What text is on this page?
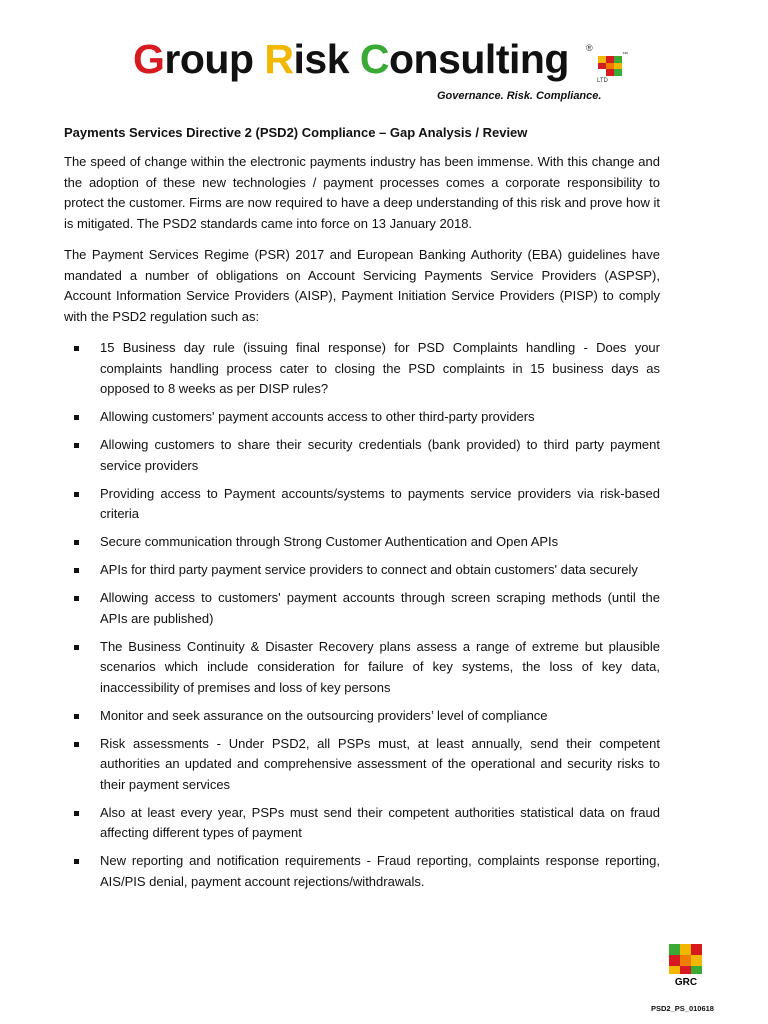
Group Risk Consulting ®
™
LTD
Governance. Risk. Compliance.
Payments Services Directive 2 (PSD2) Compliance – Gap Analysis / Review

The speed of change within the electronic payments industry has been immense. With this change and the adoption of these new technologies / payment processes comes a corporate responsibility to protect the customer. Firms are now required to have a deep understanding of this risk and prove how it is mitigated. The PSD2 standards came into force on 13 January 2018.

The Payment Services Regime (PSR) 2017 and European Banking Authority (EBA) guidelines have mandated a number of obligations on Account Servicing Payments Service Providers (ASPSP), Account Information Service Providers (AISP), Payment Initiation Service Providers (PISP) to comply with the PSD2 regulation such as:

15 Business day rule (issuing final response) for PSD Complaints handling - Does your complaints handling process cater to closing the PSD complaints in 15 business days as opposed to 8 weeks as per DISP rules?
Allowing customers' payment accounts access to other third-party providers
Allowing customers to share their security credentials (bank provided) to third party payment service providers
Providing access to Payment accounts/systems to payments service providers via risk-based criteria
Secure communication through Strong Customer Authentication and Open APIs
APIs for third party payment service providers to connect and obtain customers' data securely
Allowing access to customers' payment accounts through screen scraping methods (until the APIs are published)
The Business Continuity & Disaster Recovery plans assess a range of extreme but plausible scenarios which include consideration for failure of key systems, the loss of key data, inaccessibility of premises and loss of key persons
Monitor and seek assurance on the outsourcing providers’ level of compliance
Risk assessments - Under PSD2, all PSPs must, at least annually, send their competent authorities an updated and comprehensive assessment of the operational and security risks to their payment services
Also at least every year, PSPs must send their competent authorities statistical data on fraud affecting different types of payment
New reporting and notification requirements - Fraud reporting, complaints response reporting, AIS/PIS denial, payment account rejections/withdrawals.
GRC
PSD2_PS_010618
